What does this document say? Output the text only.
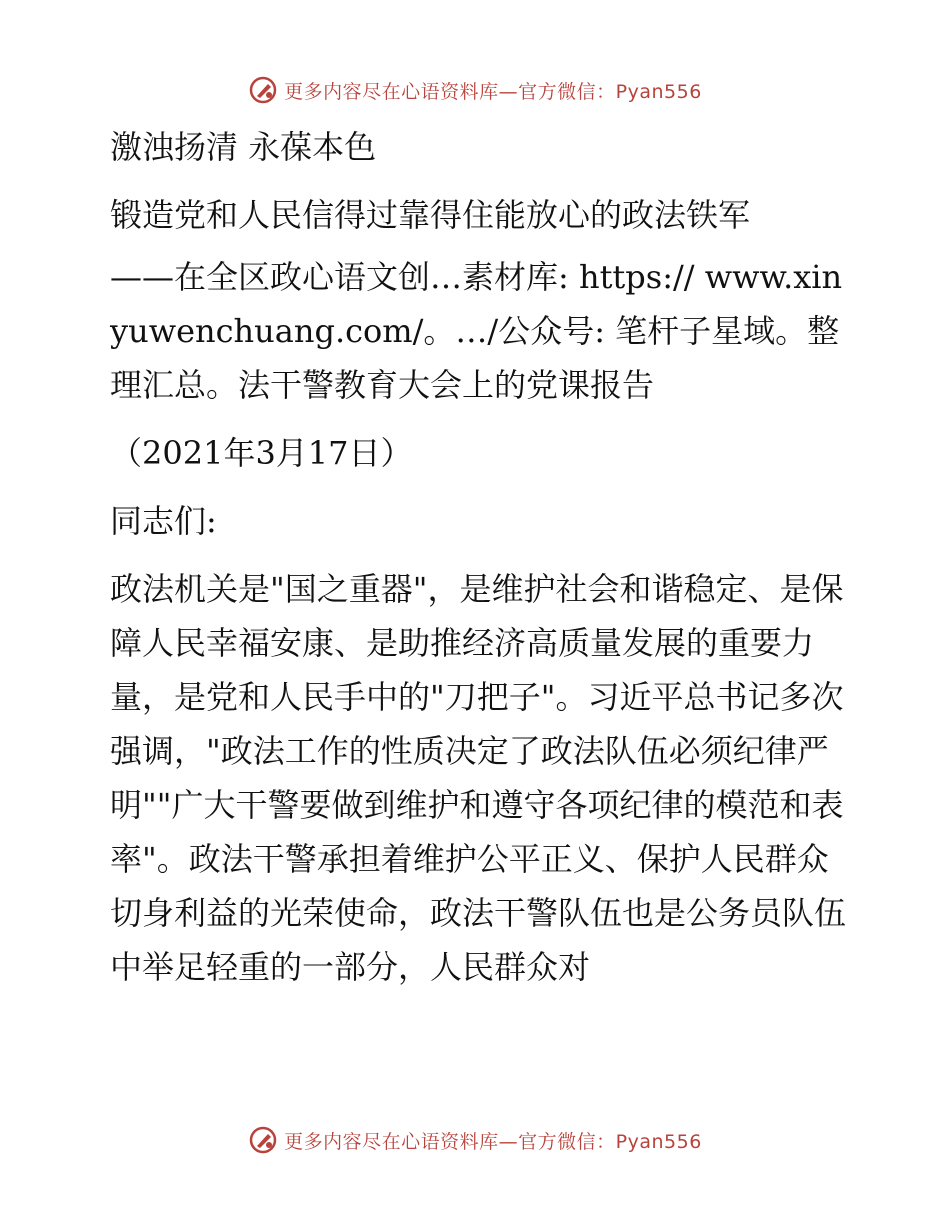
更多内容尽在心语资料库—官方微信：Pyan556
激浊扬清 永葆本色
锻造党和人民信得过靠得住能放心的政法铁军

——在全区政心语文创…素材库: https:// www.xinyuwenchuang.com/。…/公众号: 笔杆子星域。整理汇总。法干警教育大会上的党课报告

（2021年3月17日）
同志们:

政法机关是"国之重器"，是维护社会和谐稳定、是保障人民幸福安康、是助推经济高质量发展的重要力量，是党和人民手中的"刀把子"。习近平总书记多次强调，"政法工作的性质决定了政法队伍必须纪律严明""广大干警要做到维护和遵守各项纪律的模范和表率"。政法干警承担着维护公平正义、保护人民群众切身利益的光荣使命，政法干警队伍也是公务员队伍中举足轻重的一部分，人民群众对

更多内容尽在心语资料库—官方微信：Pyan556
